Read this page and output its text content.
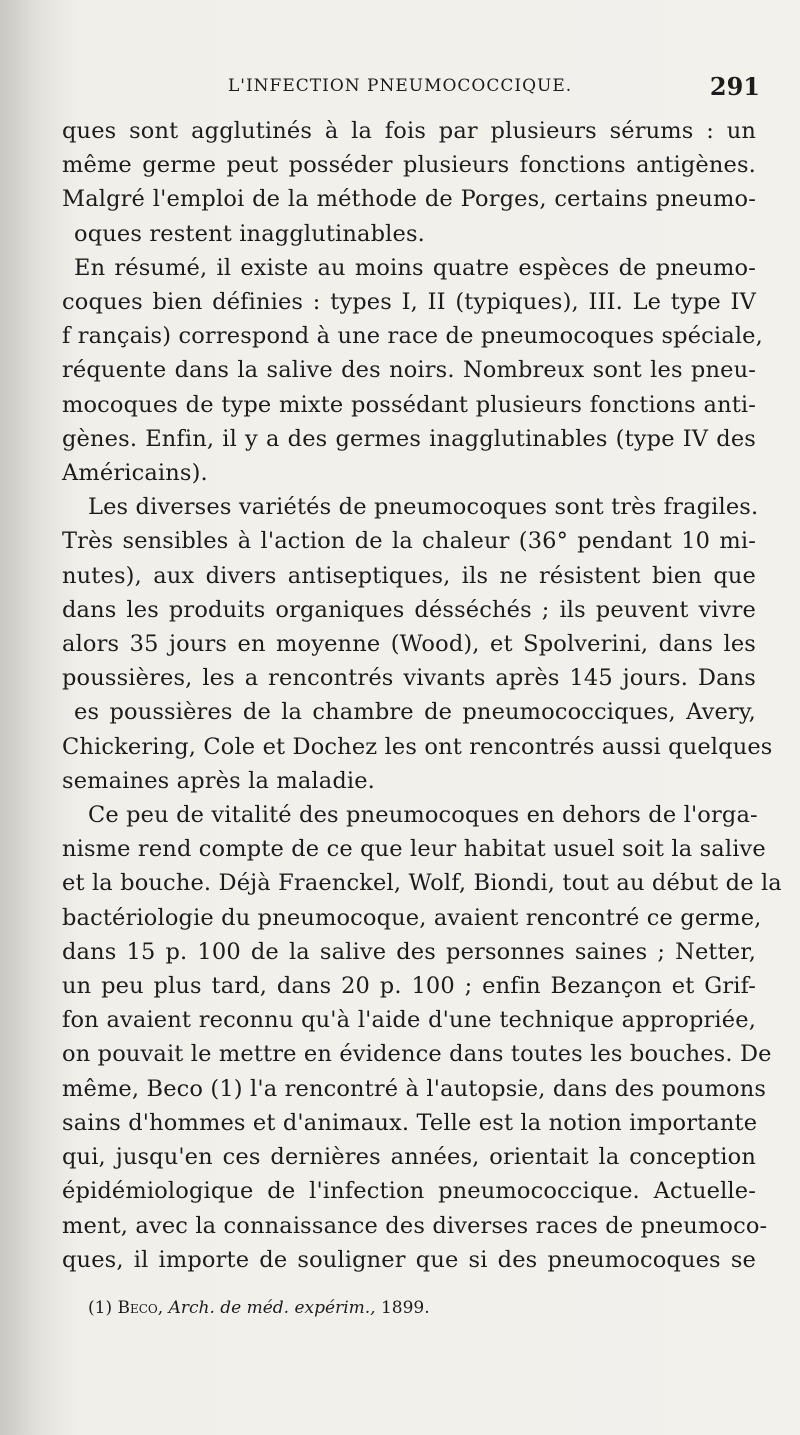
L'INFECTION PNEUMOCOCCIQUE.	291
ques sont agglutinés à la fois par plusieurs sérums : un
même germe peut posséder plusieurs fonctions antigènes.
Malgré l'emploi de la méthode de Porges, certains pneumo-
oques restent inagglutinables.
En résumé, il existe au moins quatre espèces de pneumo-
coques bien définies : types I, II (typiques), III. Le type IV
f rançais) correspond à une race de pneumocoques spéciale,
réquente dans la salive des noirs. Nombreux sont les pneu-
mocoques de type mixte possédant plusieurs fonctions anti-
gènes. Enfin, il y a des germes inagglutinables (type IV des
Américains).
Les diverses variétés de pneumocoques sont très fragiles.
Très sensibles à l'action de la chaleur (36° pendant 10 mi-
nutes), aux divers antiseptiques, ils ne résistent bien que
dans les produits organiques désséchés ; ils peuvent vivre
alors 35 jours en moyenne (Wood), et Spolverini, dans les
poussières, les a rencontrés vivants après 145 jours. Dans
es poussières de la chambre de pneumococciques, Avery,
Chickering, Cole et Dochez les ont rencontrés aussi quelques
semaines après la maladie.
Ce peu de vitalité des pneumocoques en dehors de l'orga-
nisme rend compte de ce que leur habitat usuel soit la salive
et la bouche. Déjà Fraenckel, Wolf, Biondi, tout au début de la
bactériologie du pneumocoque, avaient rencontré ce germe,
dans 15 p. 100 de la salive des personnes saines ; Netter,
un peu plus tard, dans 20 p. 100 ; enfin Bezançon et Grif-
fon avaient reconnu qu'à l'aide d'une technique appropriée,
on pouvait le mettre en évidence dans toutes les bouches. De
même, Beco (1) l'a rencontré à l'autopsie, dans des poumons
sains d'hommes et d'animaux. Telle est la notion importante
qui, jusqu'en ces dernières années, orientait la conception
épidémiologique de l'infection pneumococcique. Actuelle-
ment, avec la connaissance des diverses races de pneumoco-
ques, il importe de souligner que si des pneumocoques se
(1) Beco, Arch. de méd. expérim., 1899.
